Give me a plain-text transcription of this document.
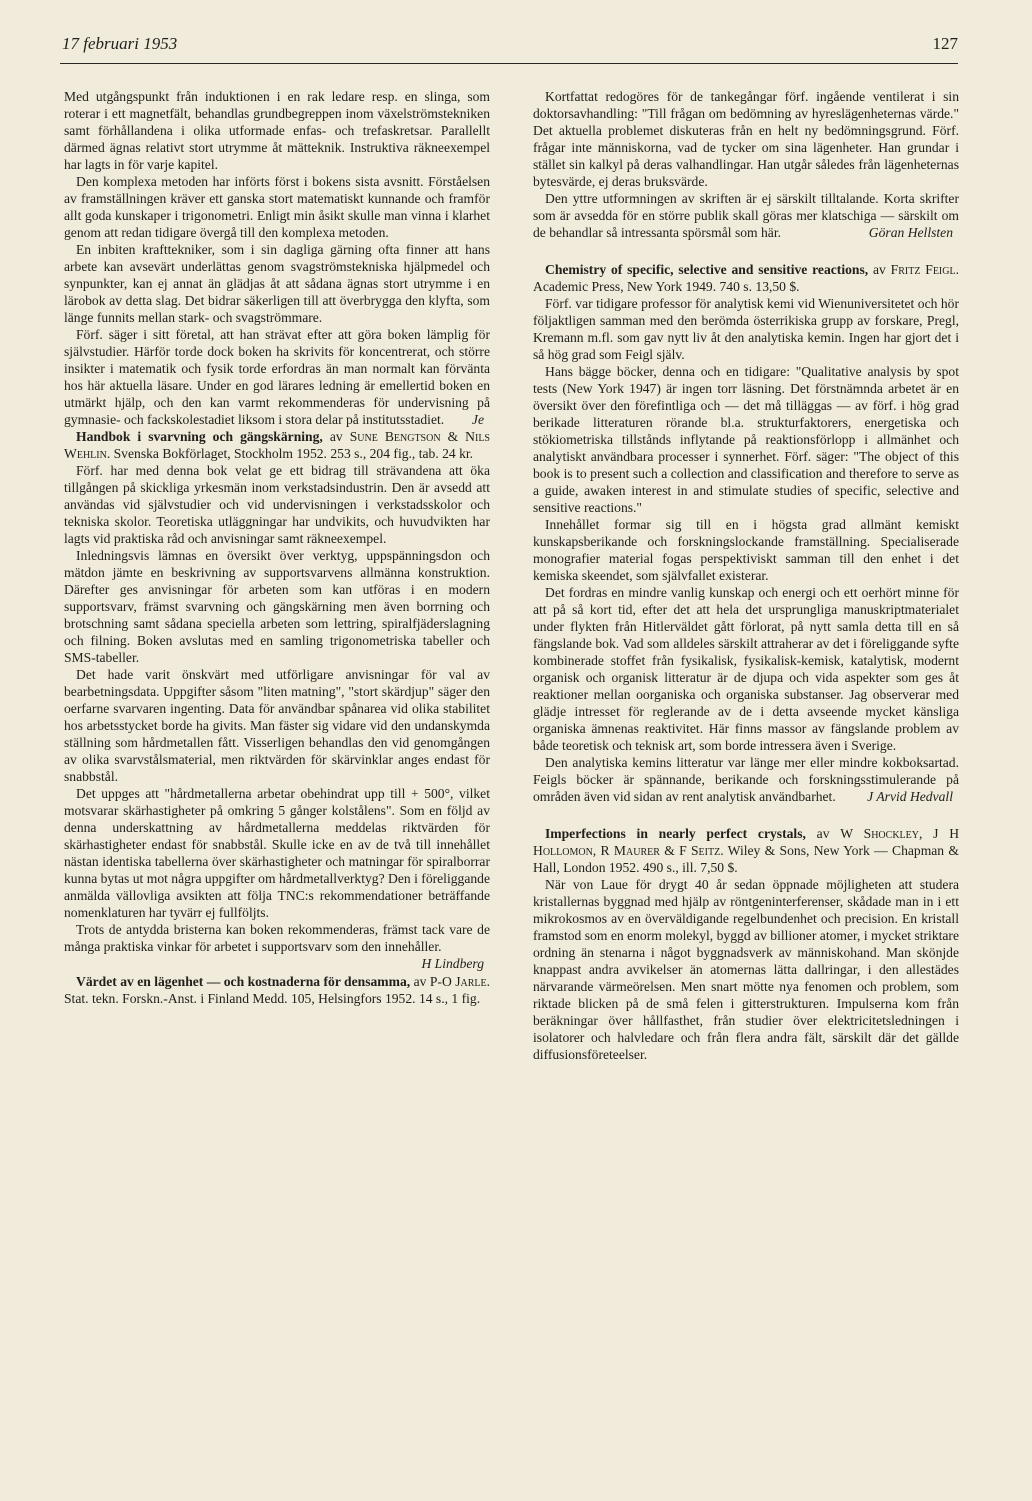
17 februari 1953	127

Med utgångspunkt från induktionen i en rak ledare resp. en slinga, som roterar i ett magnetfält, behandlas grundbegreppen inom växelströmstekniken samt förhållandena i olika utformade enfas- och trefaskretsar. Parallellt därmed ägnas relativt stort utrymme åt mätteknik. Instruktiva räkneexempel har lagts in för varje kapitel.

Den komplexa metoden har införts först i bokens sista avsnitt. Förståelsen av framställningen kräver ett ganska stort matematiskt kunnande och framför allt goda kunskaper i trigonometri. Enligt min åsikt skulle man vinna i klarhet genom att redan tidigare övergå till den komplexa metoden.

En inbiten krafttekniker, som i sin dagliga gärning ofta finner att hans arbete kan avsevärt underlättas genom svagströmstekniska hjälpmedel och synpunkter, kan ej annat än glädjas åt att sådana ägnas stort utrymme i en lärobok av detta slag. Det bidrar säkerligen till att överbrygga den klyfta, som länge funnits mellan stark- och svagströmmare.

Förf. säger i sitt företal, att han strävat efter att göra boken lämplig för självstudier. Härför torde dock boken ha skrivits för koncentrerat, och större insikter i matematik och fysik torde erfordras än man normalt kan förvänta hos här aktuella läsare. Under en god lärares ledning är emellertid boken en utmärkt hjälp, och den kan varmt rekommenderas för undervisning på gymnasie- och fackskolestadiet liksom i stora delar på institutsstadiet.	Je

Handbok i svarvning och gängskärning, av Sune Bengtson & Nils Wehlin. Svenska Bokförlaget, Stockholm 1952. 253 s., 204 fig., tab. 24 kr.

Förf. har med denna bok velat ge ett bidrag till strävandena att öka tillgången på skickliga yrkesmän inom verkstadsindustrin. Den är avsedd att användas vid självstudier och vid undervisningen i verkstadsskolor och tekniska skolor. Teoretiska utläggningar har undvikits, och huvudvikten har lagts vid praktiska råd och anvisningar samt räkneexempel.

Inledningsvis lämnas en översikt över verktyg, uppspänningsdon och mätdon jämte en beskrivning av supportsvarvens allmänna konstruktion. Därefter ges anvisningar för arbeten som kan utföras i en modern supportsvarv, främst svarvning och gängskärning men även borrning och brotschning samt sådana speciella arbeten som lettring, spiralfjäderslagning och filning. Boken avslutas med en samling trigonometriska tabeller och SMS-tabeller.

Det hade varit önskvärt med utförligare anvisningar för val av bearbetningsdata. Uppgifter såsom "liten matning", "stort skärdjup" säger den oerfarne svarvaren ingenting. Data för användbar spånarea vid olika stabilitet hos arbetsstycket borde ha givits. Man fäster sig vidare vid den undanskymda ställning som hårdmetallen fått. Visserligen behandlas den vid genomgången av olika svarvstålsmaterial, men riktvärden för skärvinklar anges endast för snabbstål.

Det uppges att "hårdmetallerna arbetar obehindrat upp till + 500°, vilket motsvarar skärhastigheter på omkring 5 gånger kolstålens". Som en följd av denna underskattning av hårdmetallerna meddelas riktvärden för skärhastigheter endast för snabbstål. Skulle icke en av de två till innehållet nästan identiska tabellerna över skärhastigheter och matningar för spiralborrar kunna bytas ut mot några uppgifter om hårdmetallverktyg? Den i föreliggande anmälda vällovliga avsikten att följa TNC:s rekommendationer beträffande nomenklaturen har tyvärr ej fullföljts.

Trots de antydda bristerna kan boken rekommenderas, främst tack vare de många praktiska vinkar för arbetet i supportsvarv som den innehåller.
H Lindberg

Värdet av en lägenhet — och kostnaderna för densamma, av P-O Jarle. Stat. tekn. Forskn.-Anst. i Finland Medd. 105, Helsingfors 1952. 14 s., 1 fig.

Kortfattat redogöres för de tankegångar förf. ingående ventilerat i sin doktorsavhandling: "Till frågan om bedömning av hyreslägenheternas värde." Det aktuella problemet diskuteras från en helt ny bedömningsgrund. Förf. frågar inte människorna, vad de tycker om sina lägenheter. Han grundar i stället sin kalkyl på deras valhandlingar. Han utgår således från lägenheternas bytesvärde, ej deras bruksvärde.

Den yttre utformningen av skriften är ej särskilt tilltalande. Korta skrifter som är avsedda för en större publik skall göras mer klatschiga — särskilt om de behandlar så intressanta spörsmål som här.	Göran Hellsten

Chemistry of specific, selective and sensitive reactions, av Fritz Feigl. Academic Press, New York 1949. 740 s. 13,50 $.

Förf. var tidigare professor för analytisk kemi vid Wienuniversitetet och hör följaktligen samman med den berömda österrikiska grupp av forskare, Pregl, Kremann m.fl. som gav nytt liv åt den analytiska kemin. Ingen har gjort det i så hög grad som Feigl själv.

Hans bägge böcker, denna och en tidigare: "Qualitative analysis by spot tests (New York 1947) är ingen torr läsning. Det förstnämnda arbetet är en översikt över den förefintliga och — det må tilläggas — av förf. i hög grad berikade litteraturen rörande bl.a. strukturfaktorers, energetiska och stökiometriska tillstånds inflytande på reaktionsförlopp i allmänhet och analytiskt användbara processer i synnerhet. Förf. säger: "The object of this book is to present such a collection and classification and therefore to serve as a guide, awaken interest in and stimulate studies of specific, selective and sensitive reactions."

Innehållet formar sig till en i högsta grad allmänt kemiskt kunskapsberikande och forskningslockande framställning. Specialiserade monografier material fogas perspektiviskt samman till den enhet i det kemiska skeendet, som självfallet existerar.

Det fordras en mindre vanlig kunskap och energi och ett oerhört minne för att på så kort tid, efter det att hela det ursprungliga manuskriptmaterialet under flykten från Hitlerväldet gått förlorat, på nytt samla detta till en så fängslande bok. Vad som alldeles särskilt attraherar av det i föreliggande syfte kombinerade stoffet från fysikalisk, fysikalisk-kemisk, katalytisk, modernt organisk och organisk litteratur är de djupa och vida aspekter som ges åt reaktioner mellan oorganiska och organiska substanser. Jag observerar med glädje intresset för reglerande av de i detta avseende mycket känsliga organiska ämnenas reaktivitet. Här finns massor av fängslande problem av både teoretisk och teknisk art, som borde intressera även i Sverige.

Den analytiska kemins litteratur var länge mer eller mindre kokboksartad. Feigls böcker är spännande, berikande och forskningsstimulerande på områden även vid sidan av rent analytisk användbarhet.	J Arvid Hedvall

Imperfections in nearly perfect crystals, av W Shockley, J H Hollomon, R Maurer & F Seitz. Wiley & Sons, New York — Chapman & Hall, London 1952. 490 s., ill. 7,50 $.

När von Laue för drygt 40 år sedan öppnade möjligheten att studera kristallernas byggnad med hjälp av röntgeninterferenser, skådade man in i ett mikrokosmos av en överväldigande regelbundenhet och precision. En kristall framstod som en enorm molekyl, byggd av billioner atomer, i mycket striktare ordning än stenarna i något byggnadsverk av människohand. Man skönjde knappast andra avvikelser än atomernas lätta dallringar, i den allestädes närvarande värmeörelsen. Men snart mötte nya fenomen och problem, som riktade blicken på de små felen i gitterstrukturen. Impulserna kom från beräkningar över hållfasthet, från studier över elektricitetsledningen i isolatorer och halvledare och från flera andra fält, särskilt där det gällde diffusionsföreteelser.
